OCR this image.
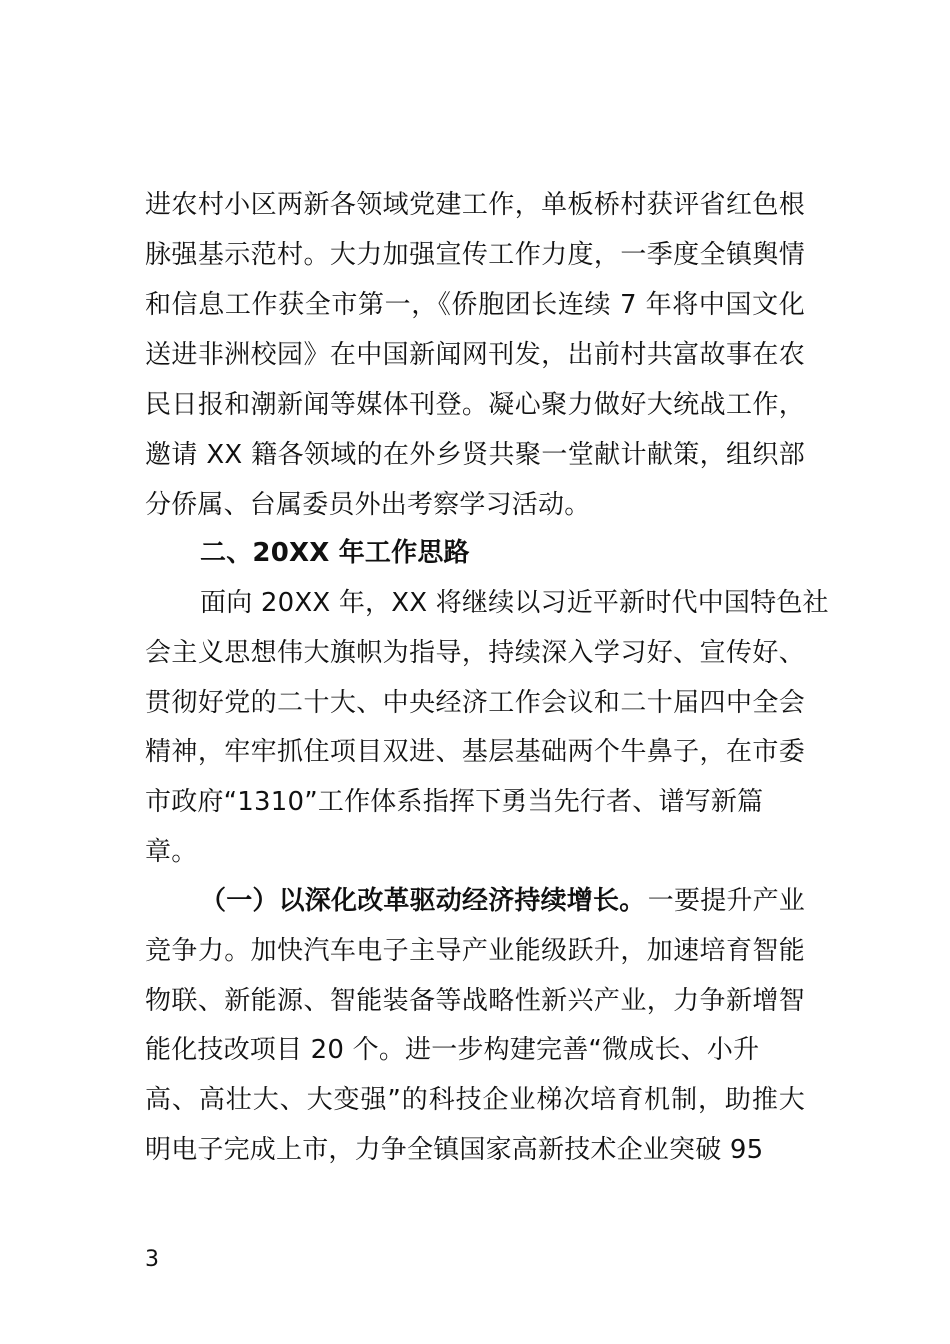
进农村小区两新各领域党建工作，单板桥村获评省红色根
脉强基示范村。大力加强宣传工作力度，一季度全镇舆情
和信息工作获全市第一，《侨胞团长连续 7 年将中国文化
送进非洲校园》在中国新闻网刊发，岀前村共富故事在农
民日报和潮新闻等媒体刊登。凝心聚力做好大统战工作，
邀请 XX 籍各领域的在外乡贤共聚一堂献计献策，组织部
分侨属、台属委员外出考察学习活动。
二、20XX 年工作思路
面向 20XX 年，XX 将继续以习近平新时代中国特色社
会主义思想伟大旗帜为指导，持续深入学习好、宣传好、
贯彻好党的二十大、中央经济工作会议和二十届四中全会
精神，牢牢抓住项目双进、基层基础两个牛鼻子，在市委
市政府“1310”工作体系指挥下勇当先行者、谱写新篇
章。
（一）以深化改革驱动经济持续增长。 一要提升产业
竞争力。加快汽车电子主导产业能级跃升，加速培育智能
物联、新能源、智能装备等战略性新兴产业，力争新增智
能化技改项目 20 个。进一步构建完善“微成长、小升
高、高壮大、大变强”的科技企业梯次培育机制，助推大
明电子完成上市，力争全镇国家高新技术企业突破 95
3
